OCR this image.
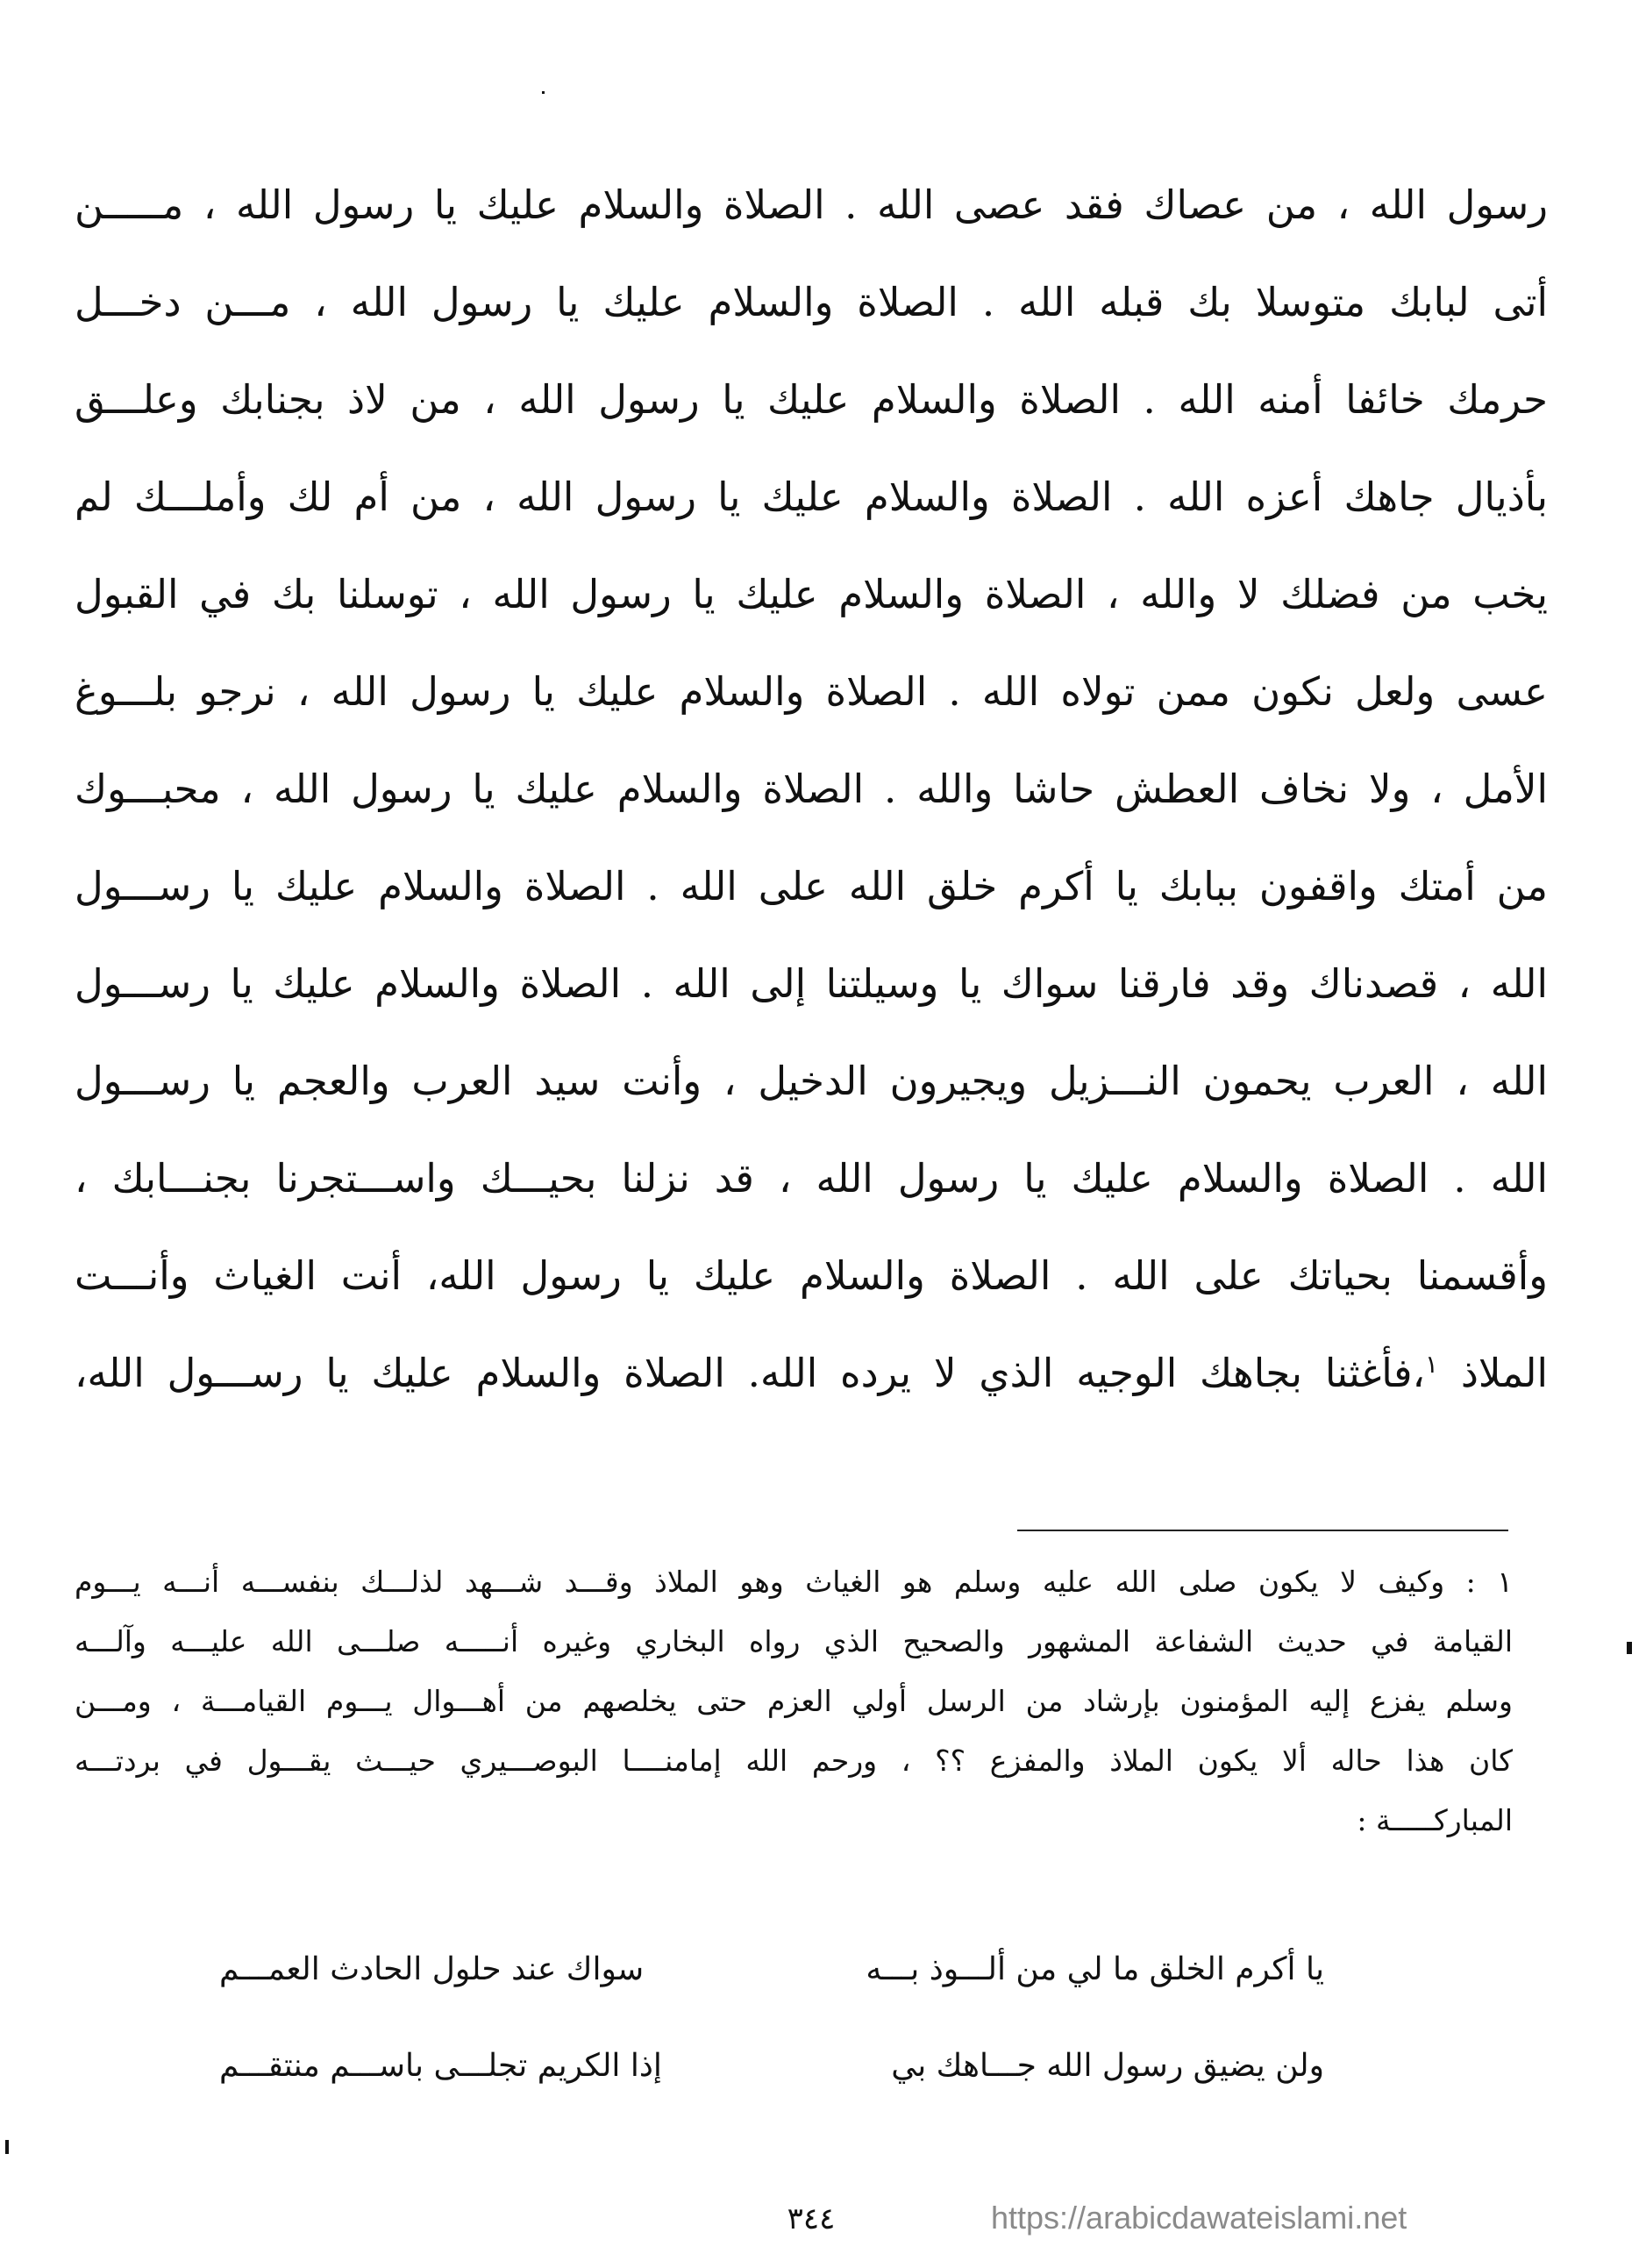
رسول الله ، من عصاك فقد عصى الله . الصلاة والسلام عليك يا رسول الله ، مـــــن
أتى لبابك متوسلا بك قبله الله . الصلاة والسلام عليك يا رسول الله ، مـــن دخـــل
حرمك خائفا أمنه الله . الصلاة والسلام عليك يا رسول الله ، من لاذ بجنابك وعلـــق
بأذيال جاهك أعزه الله . الصلاة والسلام عليك يا رسول الله ، من أم لك وأملـــك لم
يخب من فضلك لا والله ، الصلاة والسلام عليك يا رسول الله ، توسلنا بك في القبول
عسى ولعل نكون ممن تولاه الله . الصلاة والسلام عليك يا رسول الله ، نرجو بلـــوغ
الأمل ، ولا نخاف العطش حاشا والله . الصلاة والسلام عليك يا رسول الله ، محبـــوك
من أمتك واقفون ببابك يا أكرم خلق الله على الله . الصلاة والسلام عليك يا رســـول
الله ، قصدناك وقد فارقنا سواك يا وسيلتنا إلى الله . الصلاة والسلام عليك يا رســـول
الله ، العرب يحمون النـــزيل ويجيرون الدخيل ، وأنت سيد العرب والعجم يا رســـول
الله . الصلاة والسلام عليك يا رسول الله ، قد نزلنا بحيـــك واســـتجرنا بجنـــابك ،
وأقسمنا بحياتك على الله . الصلاة والسلام عليك يا رسول الله، أنت الغياث وأنـــت
الملاذ $^١$،فأغثنا بجاهك الوجيه الذي لا يرده الله. الصلاة والسلام عليك يا رســـول الله،
١ : وكيف لا يكون صلى الله عليه وسلم هو الغياث وهو الملاذ وقـــد شـــهد لذلـــك بنفســـه أنـــه يـــوم
القيامة في حديث الشفاعة المشهور والصحيح الذي رواه البخاري وغيره أنـــــه صلـــى الله عليـــه وآلـــه
وسلم يفزع إليه المؤمنون بإرشاد من الرسل أولي العزم حتى يخلصهم من أهـــوال يـــوم القيامـــة ، ومـــن
كان هذا حاله ألا يكون الملاذ والمفزع ؟؟ ، ورحم الله إمامنــــا البوصـــيري حيـــث يقـــول في بردتـــه
المباركـــــة :
يا أكرم الخلق ما لي من ألـــوذ بـــه
سواك عند حلول الحادث العمـــم
ولن يضيق رسول الله جـــاهك بي
إذا الكريم تجلـــى باســـم منتقـــم
٣٤٤	https://arabicdawateislami.net
